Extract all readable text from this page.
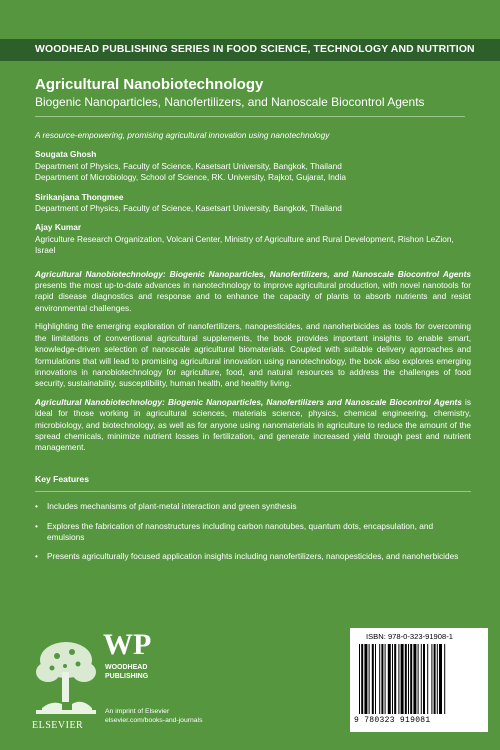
WOODHEAD PUBLISHING SERIES IN FOOD SCIENCE, TECHNOLOGY AND NUTRITION
Agricultural Nanobiotechnology
Biogenic Nanoparticles, Nanofertilizers, and Nanoscale Biocontrol Agents

A resource-empowering, promising agricultural innovation using nanotechnology

Sougata Ghosh
Department of Physics, Faculty of Science, Kasetsart University, Bangkok, Thailand
Department of Microbiology, School of Science, RK. University, Rajkot, Gujarat, India
Sirikanjana Thongmee
Department of Physics, Faculty of Science, Kasetsart University, Bangkok, Thailand
Ajay Kumar
Agriculture Research Organization, Volcani Center, Ministry of Agriculture and Rural Development, Rishon LeZion, Israel

Agricultural Nanobiotechnology: Biogenic Nanoparticles, Nanofertilizers, and Nanoscale Biocontrol Agents presents the most up-to-date advances in nanotechnology to improve agricultural production, with novel nanotools for rapid disease diagnostics and response and to enhance the capacity of plants to absorb nutrients and resist environmental challenges.

Highlighting the emerging exploration of nanofertilizers, nanopesticides, and nanoherbicides as tools for overcoming the limitations of conventional agricultural supplements, the book provides important insights to enable smart, knowledge-driven selection of nanoscale agricultural biomaterials. Coupled with suitable delivery approaches and formulations that will lead to promising agricultural innovation using nanotechnology, the book also explores emerging innovations in nanobiotechnology for agriculture, food, and natural resources to address the challenges of food security, sustainability, susceptibility, human health, and healthy living.

Agricultural Nanobiotechnology: Biogenic Nanoparticles, Nanofertilizers and Nanoscale Biocontrol Agents is ideal for those working in agricultural sciences, materials science, physics, chemical engineering, chemistry, microbiology, and biotechnology, as well as for anyone using nanomaterials in agriculture to reduce the amount of the spread chemicals, minimize nutrient losses in fertilization, and generate increased yield through pest and nutrient management.

Key Features
• Includes mechanisms of plant-metal interaction and green synthesis
• Explores the fabrication of nanostructures including carbon nanotubes, quantum dots, encapsulation, and emulsions
• Presents agriculturally focused application insights including nanofertilizers, nanopesticides, and nanoherbicides
ELSEVIER
WP
WOODHEAD
PUBLISHING
An imprint of Elsevier
elsevier.com/books-and-journals
ISBN: 978-0-323-91908-1
9 780323 919081
